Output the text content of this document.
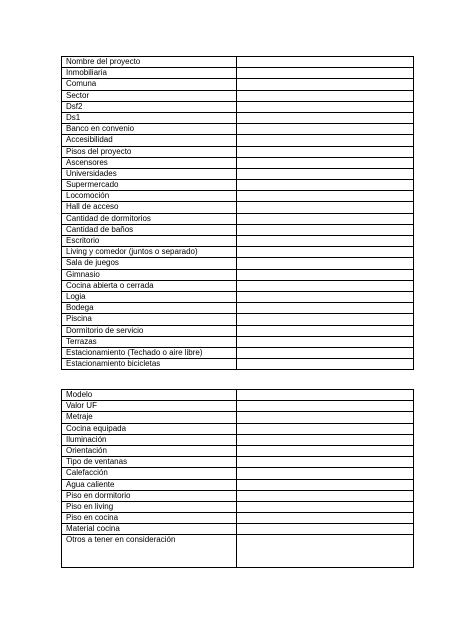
Nombre del proyecto	
Inmobiliaria	
Comuna	
Sector	
Dsf2	
Ds1	
Banco en convenio	
Accesibilidad	
Pisos del proyecto	
Ascensores	
Universidades	
Supermercado	
Locomoción	
Hall de acceso	
Cantidad de dormitorios	
Cantidad de baños	
Escritorio	
Living y comedor (juntos o separado)	
Sala de juegos	
Gimnasio	
Cocina abierta o cerrada	
Logia	
Bodega	
Piscina	
Dormitorio de servicio	
Terrazas	
Estacionamiento (Techado o aire libre)	
Estacionamiento bicicletas	
Modelo	
Valor UF	
Metraje	
Cocina equipada	
Iluminación	
Orientación	
Tipo de ventanas	
Calefacción	
Agua caliente	
Piso en dormitorio	
Piso en living	
Piso en cocina	
Material cocina	
Otros a tener en consideración	
